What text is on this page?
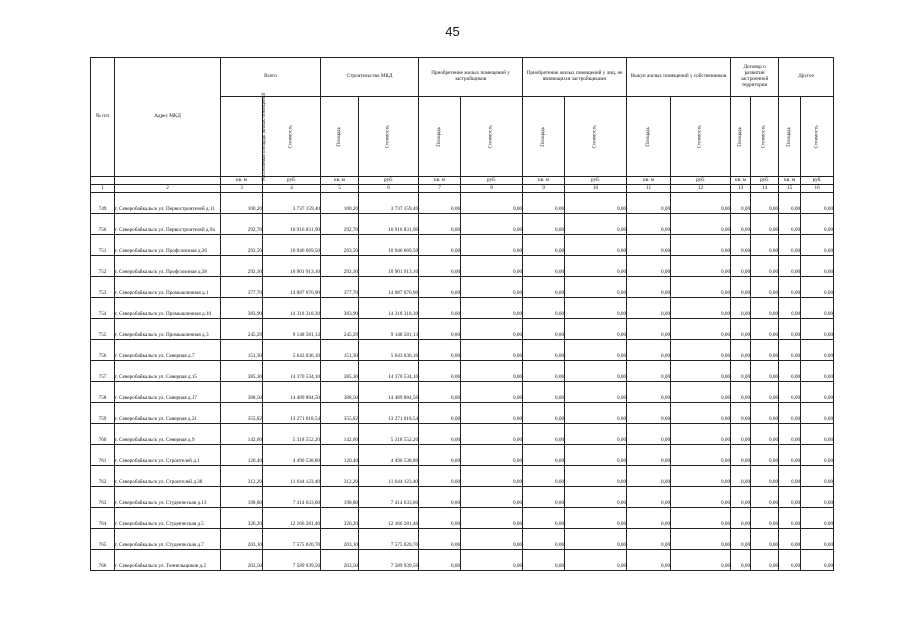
45
№ п/п	Адрес МКД	Всего		Строительство МКД		Приобретение жилых помещений у застройщиков		Приобретение жилых помещений у лиц, не являющихся застройщиками		Выкуп жилых помещений у собственников		Договор о развитии застроенной территории		Другое	

		Расселяемая площадь жилых помещений	Стоимость	Площадь	Стоимость	Площадь	Стоимость	Площадь	Стоимость	Площадь	Стоимость	Площадь	Стоимость	Площадь	Стоимость
		кв. м	руб.	кв. м	руб.	кв. м	руб.	кв. м	руб.	кв. м	руб.	кв. м	руб.	кв. м	руб.
1	2	3	4	5	6	7	8	9	10	11	12	13	14	15	16
749	г. Северобайкальск ул. Первостроителей д.11	100,20	3 737 159,40	100,20	3 737 159,40	0,00	0,00	0,00	0,00	0,00	0,00	0,00	0,00	0,00	0,00
750	г. Северобайкальск ул. Первостроителей д.9а	292,70	10 916 831,90	292,70	10 916 831,90	0,00	0,00	0,00	0,00	0,00	0,00	0,00	0,00	0,00	0,00
751	г. Северобайкальск ул. Профсоюзная д.26	293,50	10 946 669,50	293,50	10 946 669,50	0,00	0,00	0,00	0,00	0,00	0,00	0,00	0,00	0,00	0,00
752	г. Северобайкальск ул. Профсоюзная д.28	292,30	10 901 913,10	292,30	10 901 913,10	0,00	0,00	0,00	0,00	0,00	0,00	0,00	0,00	0,00	0,00
753	г. Северобайкальск ул. Промышленная д.1	377,70	14 087 076,90	377,70	14 087 076,90	0,00	0,00	0,00	0,00	0,00	0,00	0,00	0,00	0,00	0,00
754	г. Северобайкальск ул. Промышленная д.10	383,90	14 318 318,30	383,90	14 318 318,30	0,00	0,00	0,00	0,00	0,00	0,00	0,00	0,00	0,00	0,00
755	г. Северобайкальск ул. Промышленная д.3	245,29	9 148 581,13	245,29	9 148 581,13	0,00	0,00	0,00	0,00	0,00	0,00	0,00	0,00	0,00	0,00
756	г. Северобайкальск ул. Северная д.7	151,30	5 643 036,10	151,30	5 643 036,10	0,00	0,00	0,00	0,00	0,00	0,00	0,00	0,00	0,00	0,00
757	г. Северобайкальск ул. Северная д.15	385,30	14 370 534,10	385,30	14 370 534,10	0,00	0,00	0,00	0,00	0,00	0,00	0,00	0,00	0,00	0,00
758	г. Северобайкальск ул. Северная д.17	388,50	14 489 884,50	388,50	14 489 884,50	0,00	0,00	0,00	0,00	0,00	0,00	0,00	0,00	0,00	0,00
759	г. Северобайкальск ул. Северная д.21	355,82	13 271 018,54	355,82	13 271 018,54	0,00	0,00	0,00	0,00	0,00	0,00	0,00	0,00	0,00	0,00
760	г. Северобайкальск ул. Северная д.9	142,60	5 318 552,20	142,60	5 318 552,20	0,00	0,00	0,00	0,00	0,00	0,00	0,00	0,00	0,00	0,00
761	г. Северобайкальск ул. Строителей д.1	120,40	4 490 538,80	120,40	4 490 538,80	0,00	0,00	0,00	0,00	0,00	0,00	0,00	0,00	0,00	0,00
762	г. Северобайкальск ул. Строителей д.38	312,20	11 644 123,40	312,20	11 644 123,40	0,00	0,00	0,00	0,00	0,00	0,00	0,00	0,00	0,00	0,00
763	г. Северобайкальск ул. Студенческая д.13	198,80	7 414 633,60	198,80	7 414 633,60	0,00	0,00	0,00	0,00	0,00	0,00	0,00	0,00	0,00	0,00
764	г. Северобайкальск ул. Студенческая д.5	326,20	12 166 281,40	326,20	12 166 281,40	0,00	0,00	0,00	0,00	0,00	0,00	0,00	0,00	0,00	0,00
765	г. Северобайкальск ул. Студенческая д.7	203,10	7 575 020,70	203,10	7 575 020,70	0,00	0,00	0,00	0,00	0,00	0,00	0,00	0,00	0,00	0,00
766	г. Северобайкальск ул. Тоннельщиков д.2	203,50	7 589 939,50	203,50	7 589 939,50	0,00	0,00	0,00	0,00	0,00	0,00	0,00	0,00	0,00	0,00
